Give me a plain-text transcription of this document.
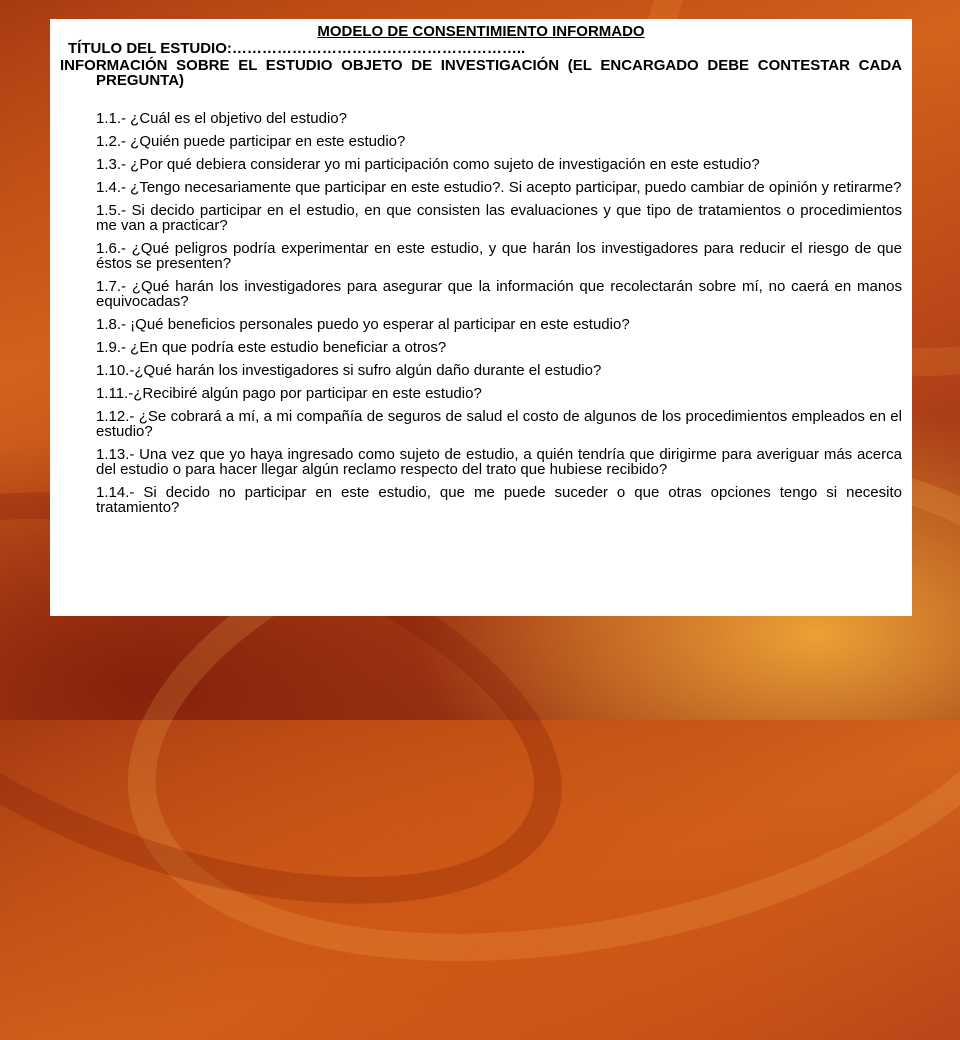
MODELO DE CONSENTIMIENTO INFORMADO

TÍTULO DEL ESTUDIO:…………………………………………………..

INFORMACIÓN SOBRE EL ESTUDIO OBJETO DE INVESTIGACIÓN (EL ENCARGADO DEBE CONTESTAR CADA PREGUNTA)

1.1.- ¿Cuál es el objetivo del estudio?
1.2.- ¿Quién puede participar en este estudio?
1.3.- ¿Por qué debiera considerar yo mi participación como sujeto de investigación en este estudio?
1.4.- ¿Tengo necesariamente que participar en este estudio?. Si acepto participar, puedo cambiar de opinión y retirarme?
1.5.- Si decido participar en el estudio, en que consisten las evaluaciones y que tipo de tratamientos o procedimientos me van a practicar?
1.6.- ¿Qué peligros podría experimentar en este estudio, y que harán los investigadores para reducir el riesgo de que éstos se presenten?
1.7.- ¿Qué harán los investigadores para asegurar que la información que recolectarán sobre mí, no caerá en manos equivocadas?
1.8.- ¡Qué beneficios personales puedo yo esperar al participar en este estudio?
1.9.- ¿En que podría este estudio beneficiar a otros?
1.10.-¿Qué harán los investigadores si sufro algún daño durante el estudio?
1.11.-¿Recibiré algún pago por participar en este estudio?
1.12.- ¿Se cobrará a mí, a mi compañía de seguros de salud el costo de algunos de los procedimientos empleados en el estudio?
1.13.- Una vez que yo haya ingresado como sujeto de estudio, a quién tendría que dirigirme para averiguar más acerca del estudio o para hacer llegar algún reclamo respecto del trato que hubiese recibido?
1.14.- Si decido no participar en este estudio, que me puede suceder o que otras opciones tengo si necesito tratamiento?
